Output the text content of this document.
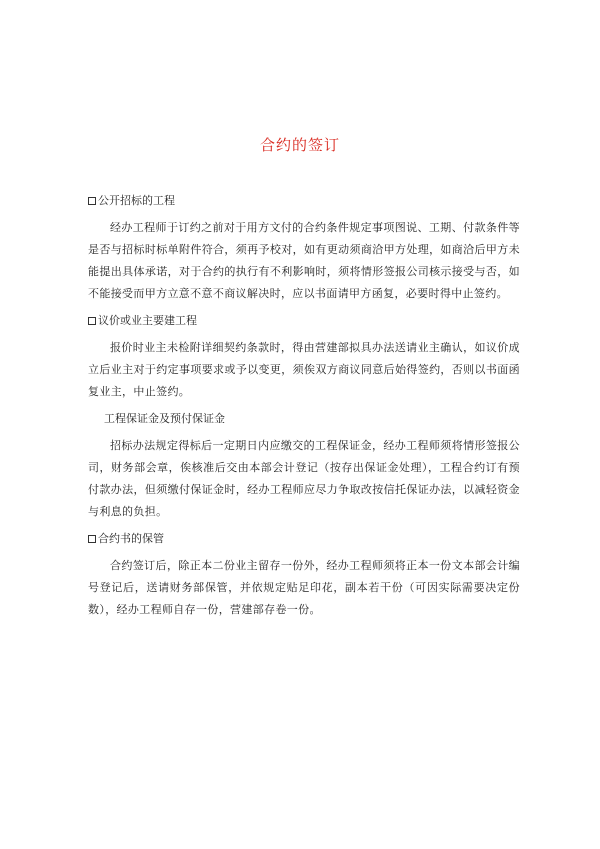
合约的签订
公开招标的工程

经办工程师于订约之前对于用方文付的合约条件规定事项图说、工期、付款条件等是否与招标时标单附件符合，须再予校对，如有更动须商洽甲方处理，如商洽后甲方未能提出具体承诺，对于合约的执行有不利影响时，须将情形签报公司核示接受与否，如不能接受而甲方立意不意不商议解决时，应以书面请甲方函复，必要时得中止签约。

议价或业主要建工程

报价时业主未检附详细契约条款时，得由营建部拟具办法送请业主确认，如议价成立后业主对于约定事项要求或予以变更，须俟双方商议同意后始得签约，否则以书面函复业主，中止签约。

工程保证金及预付保证金

招标办法规定得标后一定期日内应缴交的工程保证金，经办工程师须将情形签报公司，财务部会章，俟核准后交由本部会计登记（按存出保证金处理），工程合约订有预付款办法，但须缴付保证金时，经办工程师应尽力争取改按信托保证办法，以减轻资金与利息的负担。

合约书的保管

合约签订后，除正本二份业主留存一份外，经办工程师须将正本一份文本部会计编号登记后，送请财务部保管，并依规定贴足印花，副本若干份（可因实际需要决定份数），经办工程师自存一份，营建部存卷一份。
